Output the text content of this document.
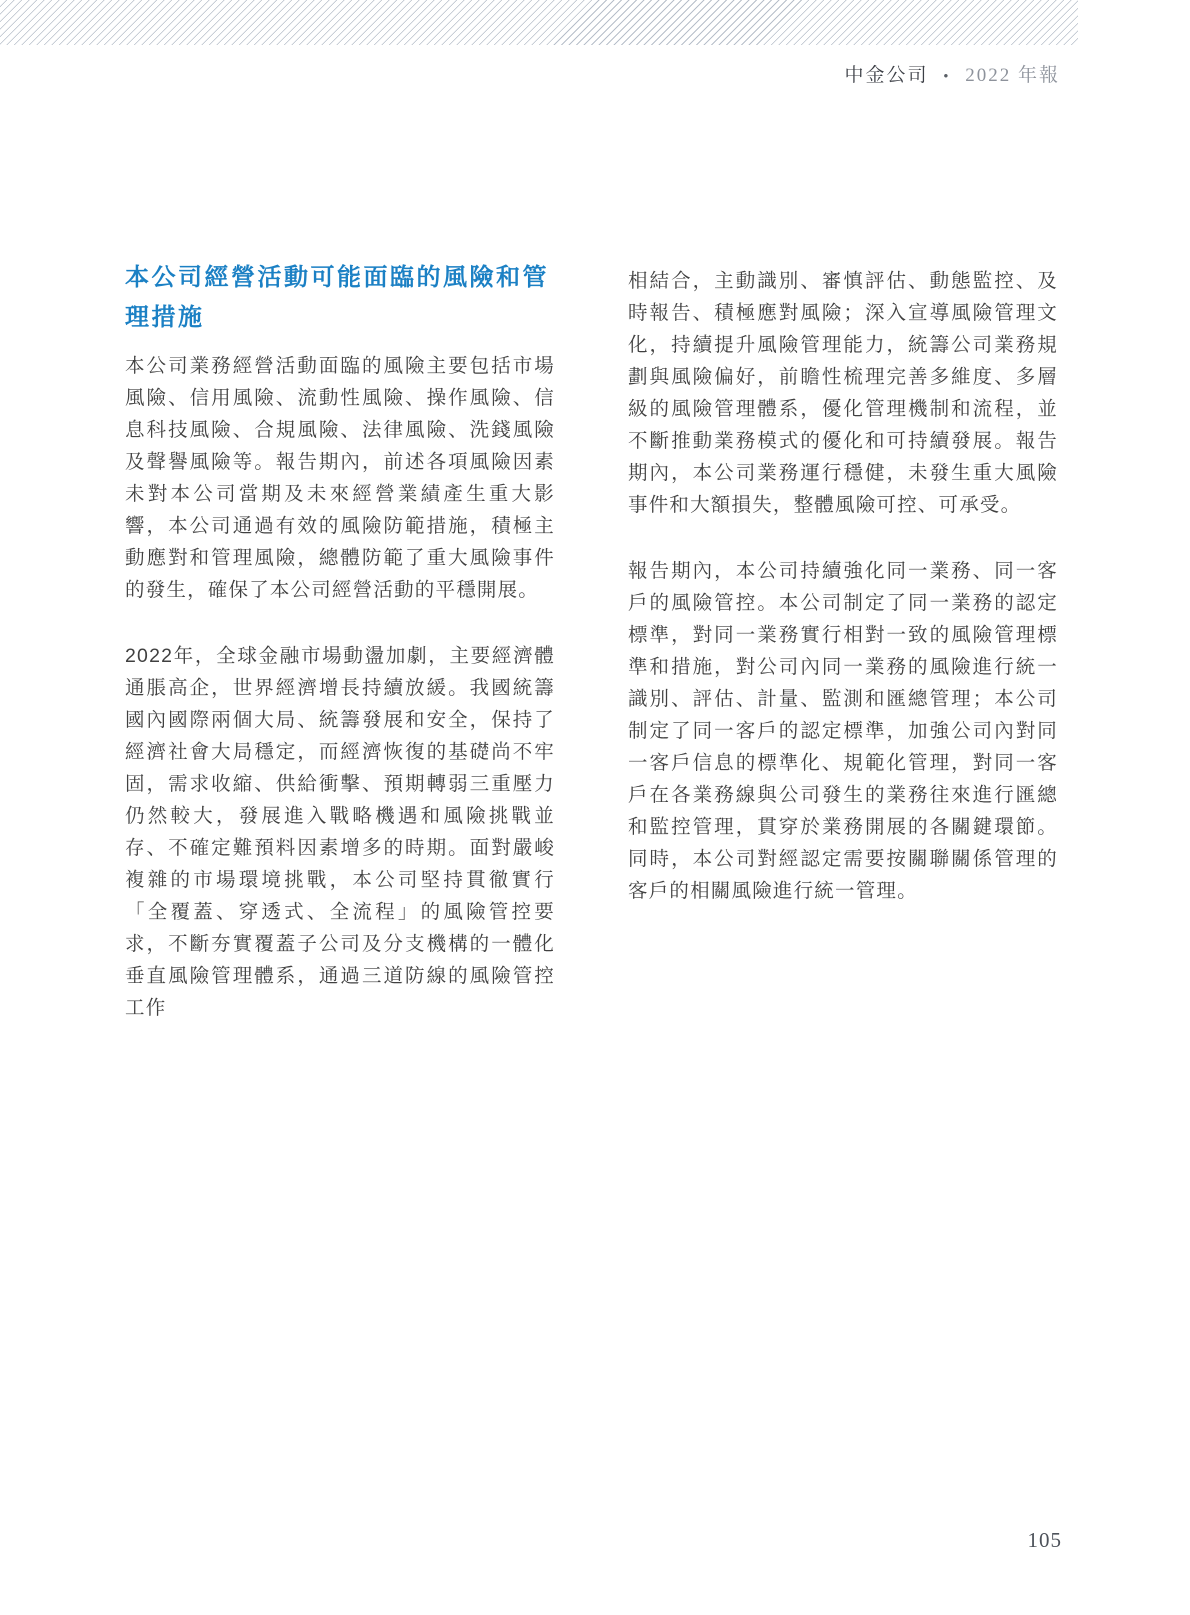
中金公司 • 2022 年報
本公司經營活動可能面臨的風險和管理措施

本公司業務經營活動面臨的風險主要包括市場風險、信用風險、流動性風險、操作風險、信息科技風險、合規風險、法律風險、洗錢風險及聲譽風險等。報告期內，前述各項風險因素未對本公司當期及未來經營業績產生重大影響，本公司通過有效的風險防範措施，積極主動應對和管理風險，總體防範了重大風險事件的發生，確保了本公司經營活動的平穩開展。

2022年，全球金融市場動盪加劇，主要經濟體通脹高企，世界經濟增長持續放緩。我國統籌國內國際兩個大局、統籌發展和安全，保持了經濟社會大局穩定，而經濟恢復的基礎尚不牢固，需求收縮、供給衝擊、預期轉弱三重壓力仍然較大，發展進入戰略機遇和風險挑戰並存、不確定難預料因素增多的時期。面對嚴峻複雜的市場環境挑戰，本公司堅持貫徹實行「全覆蓋、穿透式、全流程」的風險管控要求，不斷夯實覆蓋子公司及分支機構的一體化垂直風險管理體系，通過三道防線的風險管控工作

相結合，主動識別、審慎評估、動態監控、及時報告、積極應對風險；深入宣導風險管理文化，持續提升風險管理能力，統籌公司業務規劃與風險偏好，前瞻性梳理完善多維度、多層級的風險管理體系，優化管理機制和流程，並不斷推動業務模式的優化和可持續發展。報告期內，本公司業務運行穩健，未發生重大風險事件和大額損失，整體風險可控、可承受。

報告期內，本公司持續強化同一業務、同一客戶的風險管控。本公司制定了同一業務的認定標準，對同一業務實行相對一致的風險管理標準和措施，對公司內同一業務的風險進行統一識別、評估、計量、監測和匯總管理；本公司制定了同一客戶的認定標準，加強公司內對同一客戶信息的標準化、規範化管理，對同一客戶在各業務線與公司發生的業務往來進行匯總和監控管理，貫穿於業務開展的各關鍵環節。同時，本公司對經認定需要按關聯關係管理的客戶的相關風險進行統一管理。

105
